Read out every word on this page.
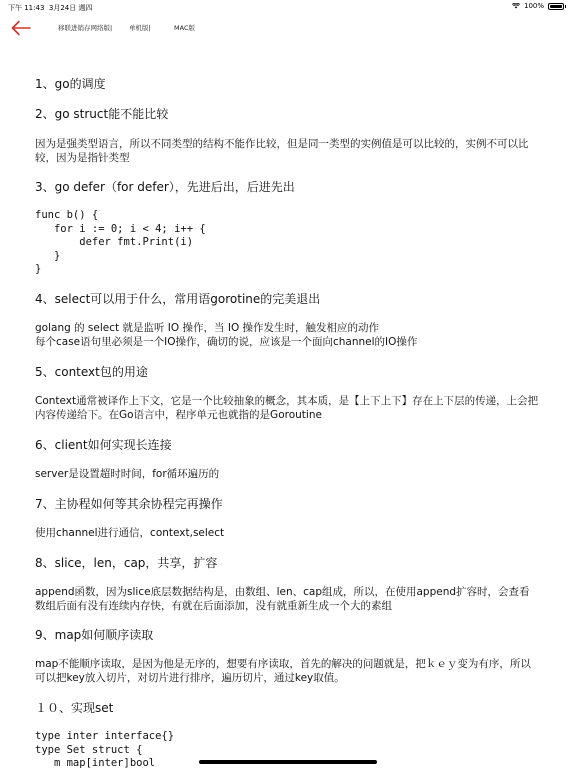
下午 11:43 3月24日 週四	100%
移联进销存网络版|	单机版|	MAC版
1、go的调度
2、go struct能不能比较
因为是强类型语言，所以不同类型的结构不能作比较，但是同一类型的实例值是可以比较的，实例不可以比较，因为是指针类型
3、go defer（for defer），先进后出，后进先出
func b() {
for i := 0; i < 4; i++ {
defer fmt.Print(i)
}
}
4、select可以用于什么，常用语gorotine的完美退出
golang 的 select 就是监听 IO 操作，当 IO 操作发生时，触发相应的动作
每个case语句里必须是一个IO操作，确切的说，应该是一个面向channel的IO操作
5、context包的用途
Context通常被译作上下文，它是一个比较抽象的概念，其本质，是【上下上下】存在上下层的传递，上会把内容传递给下。在Go语言中，程序单元也就指的是Goroutine
6、client如何实现长连接
server是设置超时时间，for循环遍历的
7、主协程如何等其余协程完再操作
使用channel进行通信，context,select
8、slice，len，cap，共享，扩容
append函数，因为slice底层数据结构是，由数组、len、cap组成，所以，在使用append扩容时，会查看数组后面有没有连续内存快，有就在后面添加，没有就重新生成一个大的素组
9、map如何顺序读取
map不能顺序读取，是因为他是无序的，想要有序读取，首先的解决的问题就是，把ｋｅｙ变为有序，所以可以把key放入切片，对切片进行排序，遍历切片，通过key取值。
１０、实现set
type inter interface{}
type Set struct {
m map[inter]bool
